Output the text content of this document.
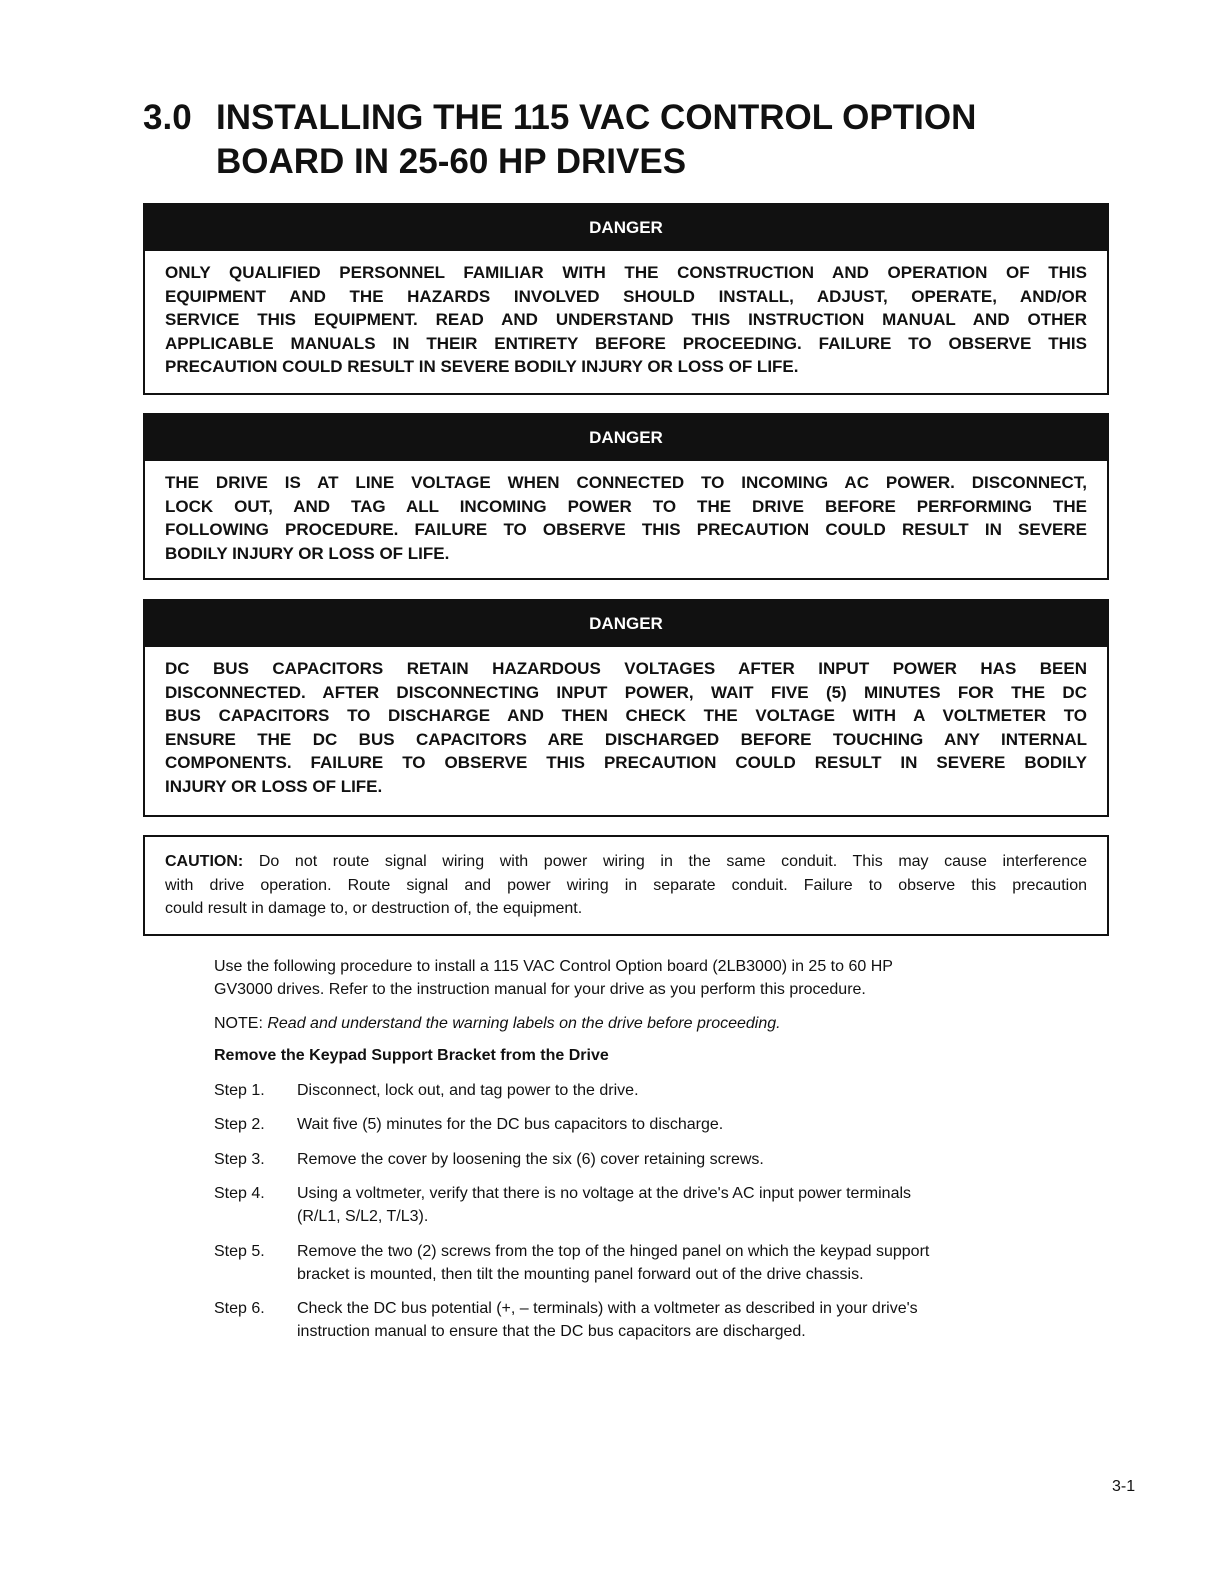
3.0 INSTALLING THE 115 VAC CONTROL OPTION
BOARD IN 25-60 HP DRIVES
DANGER
ONLY QUALIFIED PERSONNEL FAMILIAR WITH THE CONSTRUCTION AND OPERATION OF THIS
EQUIPMENT AND THE HAZARDS INVOLVED SHOULD INSTALL, ADJUST, OPERATE, AND/OR
SERVICE THIS EQUIPMENT. READ AND UNDERSTAND THIS INSTRUCTION MANUAL AND OTHER
APPLICABLE MANUALS IN THEIR ENTIRETY BEFORE PROCEEDING. FAILURE TO OBSERVE THIS
PRECAUTION COULD RESULT IN SEVERE BODILY INJURY OR LOSS OF LIFE.
DANGER
THE DRIVE IS AT LINE VOLTAGE WHEN CONNECTED TO INCOMING AC POWER. DISCONNECT,
LOCK OUT, AND TAG ALL INCOMING POWER TO THE DRIVE BEFORE PERFORMING THE
FOLLOWING PROCEDURE. FAILURE TO OBSERVE THIS PRECAUTION COULD RESULT IN SEVERE
BODILY INJURY OR LOSS OF LIFE.
DANGER
DC BUS CAPACITORS RETAIN HAZARDOUS VOLTAGES AFTER INPUT POWER HAS BEEN
DISCONNECTED. AFTER DISCONNECTING INPUT POWER, WAIT FIVE (5) MINUTES FOR THE DC
BUS CAPACITORS TO DISCHARGE AND THEN CHECK THE VOLTAGE WITH A VOLTMETER TO
ENSURE THE DC BUS CAPACITORS ARE DISCHARGED BEFORE TOUCHING ANY INTERNAL
COMPONENTS. FAILURE TO OBSERVE THIS PRECAUTION COULD RESULT IN SEVERE BODILY
INJURY OR LOSS OF LIFE.
CAUTION: Do not route signal wiring with power wiring in the same conduit. This may cause interference
with drive operation. Route signal and power wiring in separate conduit. Failure to observe this precaution
could result in damage to, or destruction of, the equipment.
Use the following procedure to install a 115 VAC Control Option board (2LB3000) in 25 to 60 HP
GV3000 drives. Refer to the instruction manual for your drive as you perform this procedure.
NOTE: Read and understand the warning labels on the drive before proceeding.
Remove the Keypad Support Bracket from the Drive
Step 1.	Disconnect, lock out, and tag power to the drive.
Step 2.	Wait five (5) minutes for the DC bus capacitors to discharge.
Step 3.	Remove the cover by loosening the six (6) cover retaining screws.
Step 4.	Using a voltmeter, verify that there is no voltage at the drive's AC input power terminals
(R/L1, S/L2, T/L3).
Step 5.	Remove the two (2) screws from the top of the hinged panel on which the keypad support
bracket is mounted, then tilt the mounting panel forward out of the drive chassis.
Step 6.	Check the DC bus potential (+, – terminals) with a voltmeter as described in your drive's
instruction manual to ensure that the DC bus capacitors are discharged.
3-1
